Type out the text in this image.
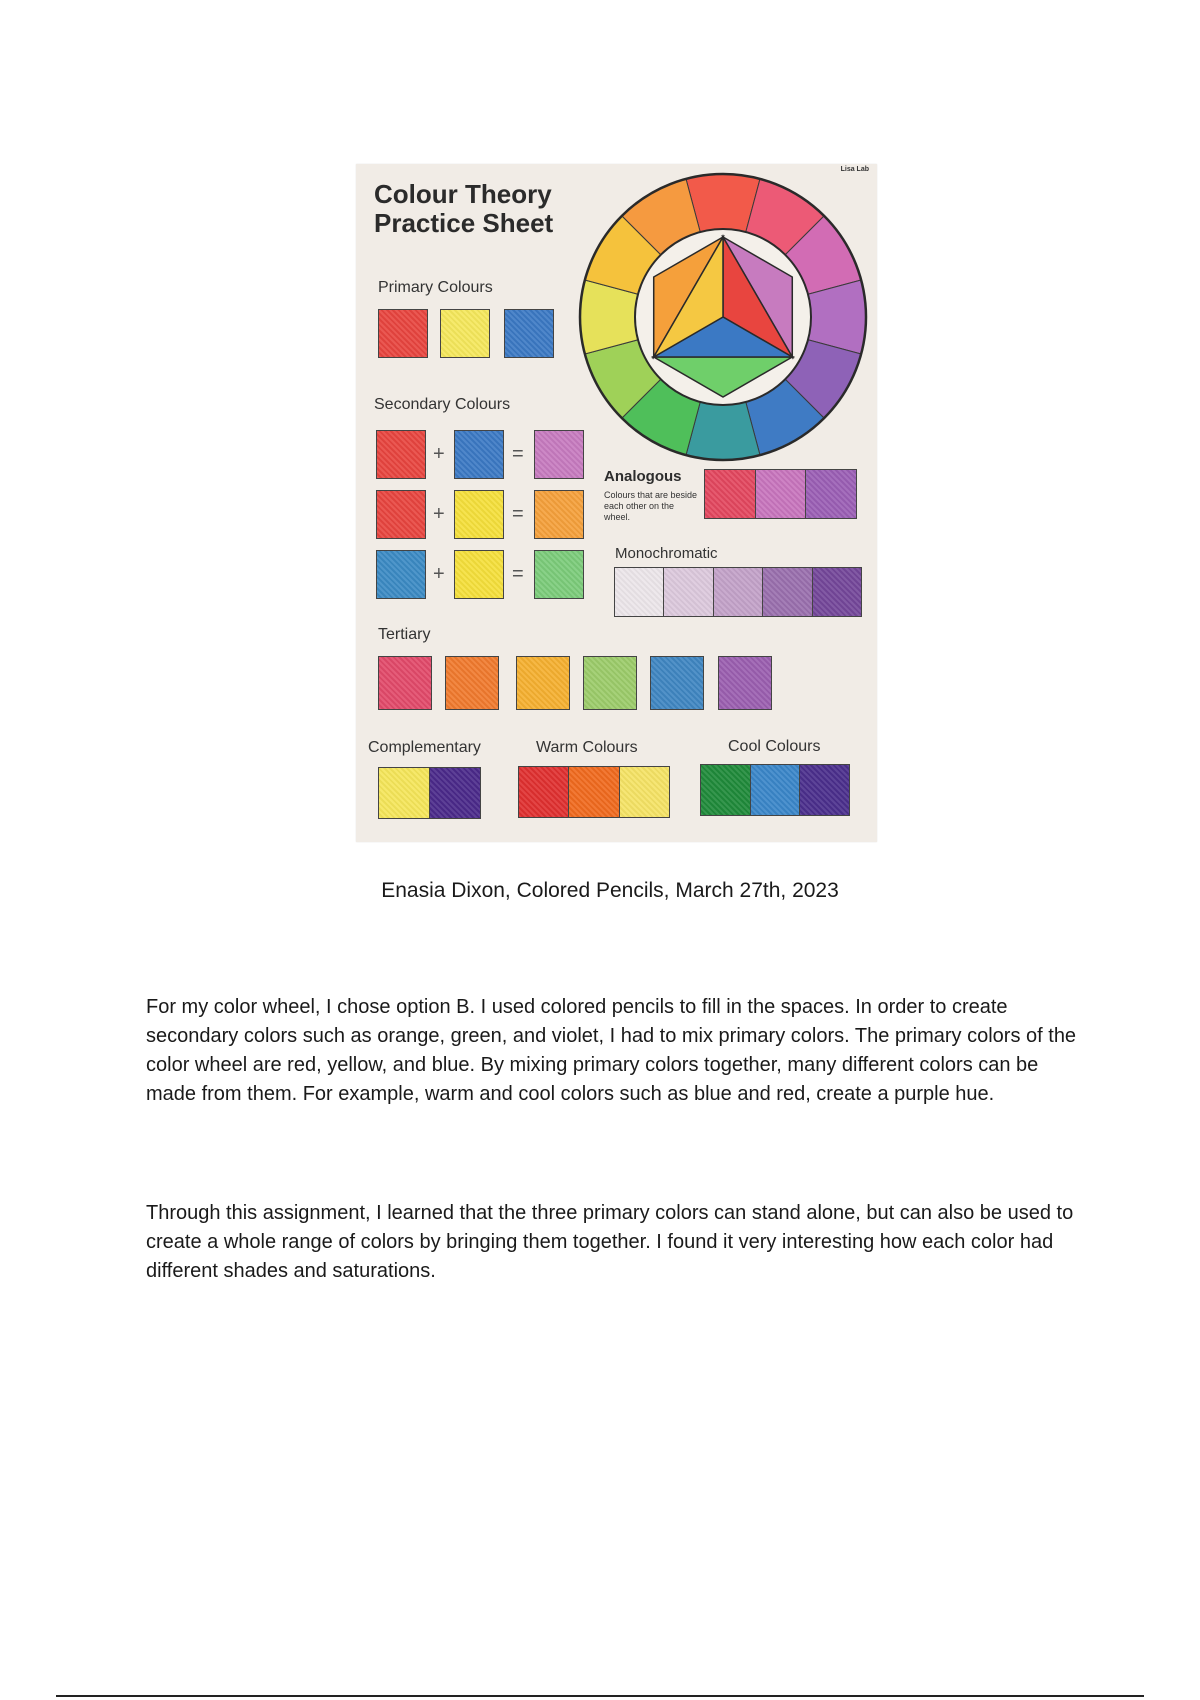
Colour Theory
Practice Sheet
Lisa Lab
Primary Colours
Secondary Colours
+	=
+	=
+	=
Analogous
Colours that are beside each other on the wheel.
Monochromatic
Tertiary
Complementary	Warm Colours	Cool Colours
Enasia Dixon, Colored Pencils, March 27th, 2023

For my color wheel, I chose option B. I used colored pencils to fill in the spaces. In order to create secondary colors such as orange, green, and violet, I had to mix primary colors. The primary colors of the color wheel are red, yellow, and blue. By mixing primary colors together, many different colors can be made from them. For example, warm and cool colors such as blue and red, create a purple hue.

Through this assignment, I learned that the three primary colors can stand alone, but can also be used to create a whole range of colors by bringing them together. I found it very interesting how each color had different shades and saturations.
